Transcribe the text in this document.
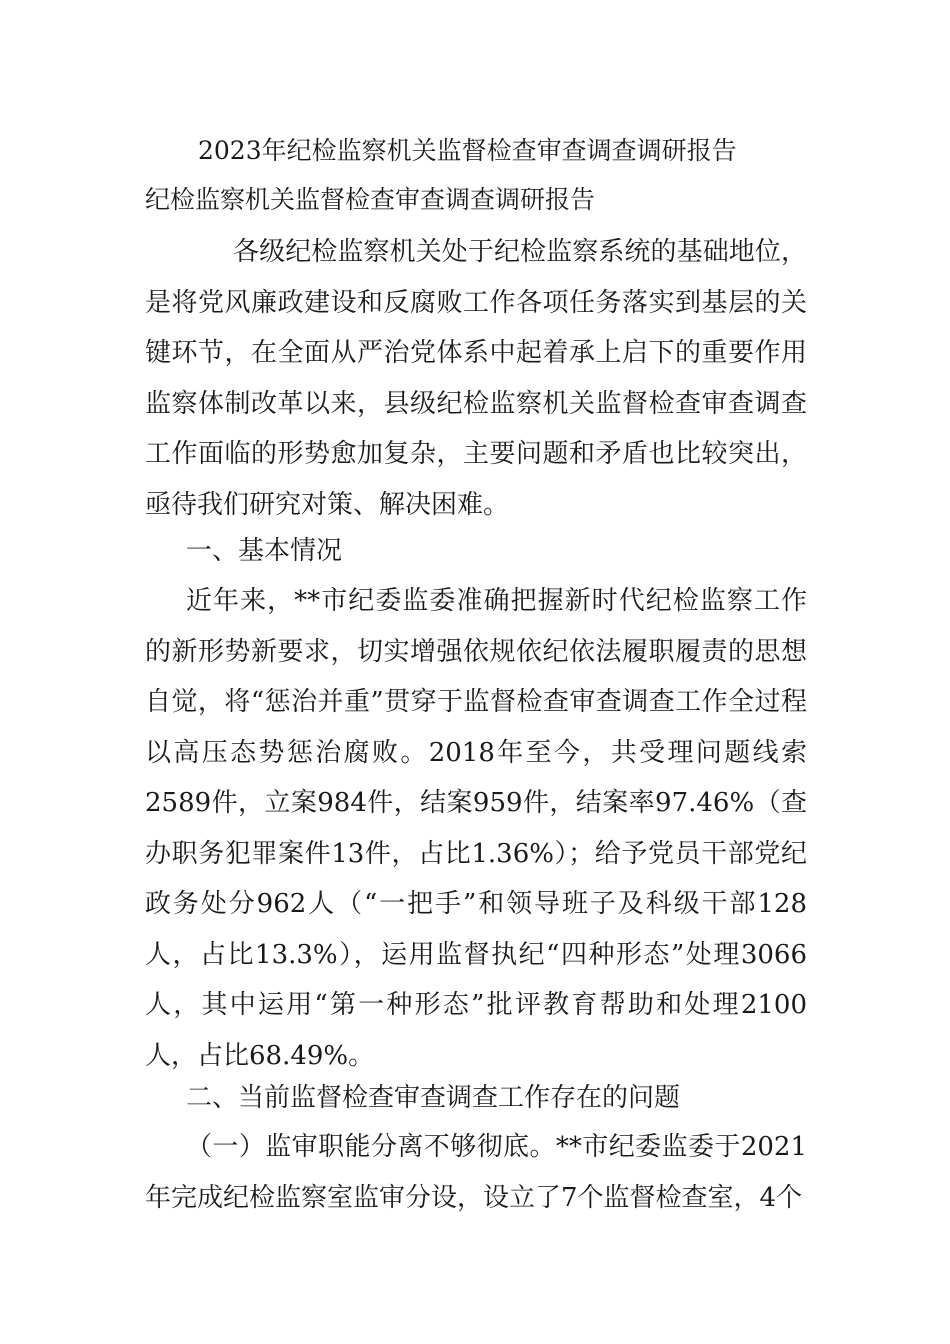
2023年纪检监察机关监督检查审查调查调研报告
纪检监察机关监督检查审查调查调研报告
各级纪检监察机关处于纪检监察系统的基础地位，是将党风廉政建设和反腐败工作各项任务落实到基层的关键环节，在全面从严治党体系中起着承上启下的重要作用监察体制改革以来，县级纪检监察机关监督检查审查调查工作面临的形势愈加复杂，主要问题和矛盾也比较突出，亟待我们研究对策、解决困难。
一、基本情况
近年来，**市纪委监委准确把握新时代纪检监察工作的新形势新要求，切实增强依规依纪依法履职履责的思想自觉，将“惩治并重”贯穿于监督检查审查调查工作全过程以高压态势惩治腐败。2018年至今，共受理问题线索2589件，立案984件，结案959件，结案率97.46%（查办职务犯罪案件13件，占比1.36%）；给予党员干部党纪政务处分962人（“一把手”和领导班子及科级干部128人，占比13.3%），运用监督执纪“四种形态”处理3066人，其中运用“第一种形态”批评教育帮助和处理2100人，占比68.49%。
二、当前监督检查审查调查工作存在的问题
（一）监审职能分离不够彻底。**市纪委监委于2021年完成纪检监察室监审分设，设立了7个监督检查室，4个
